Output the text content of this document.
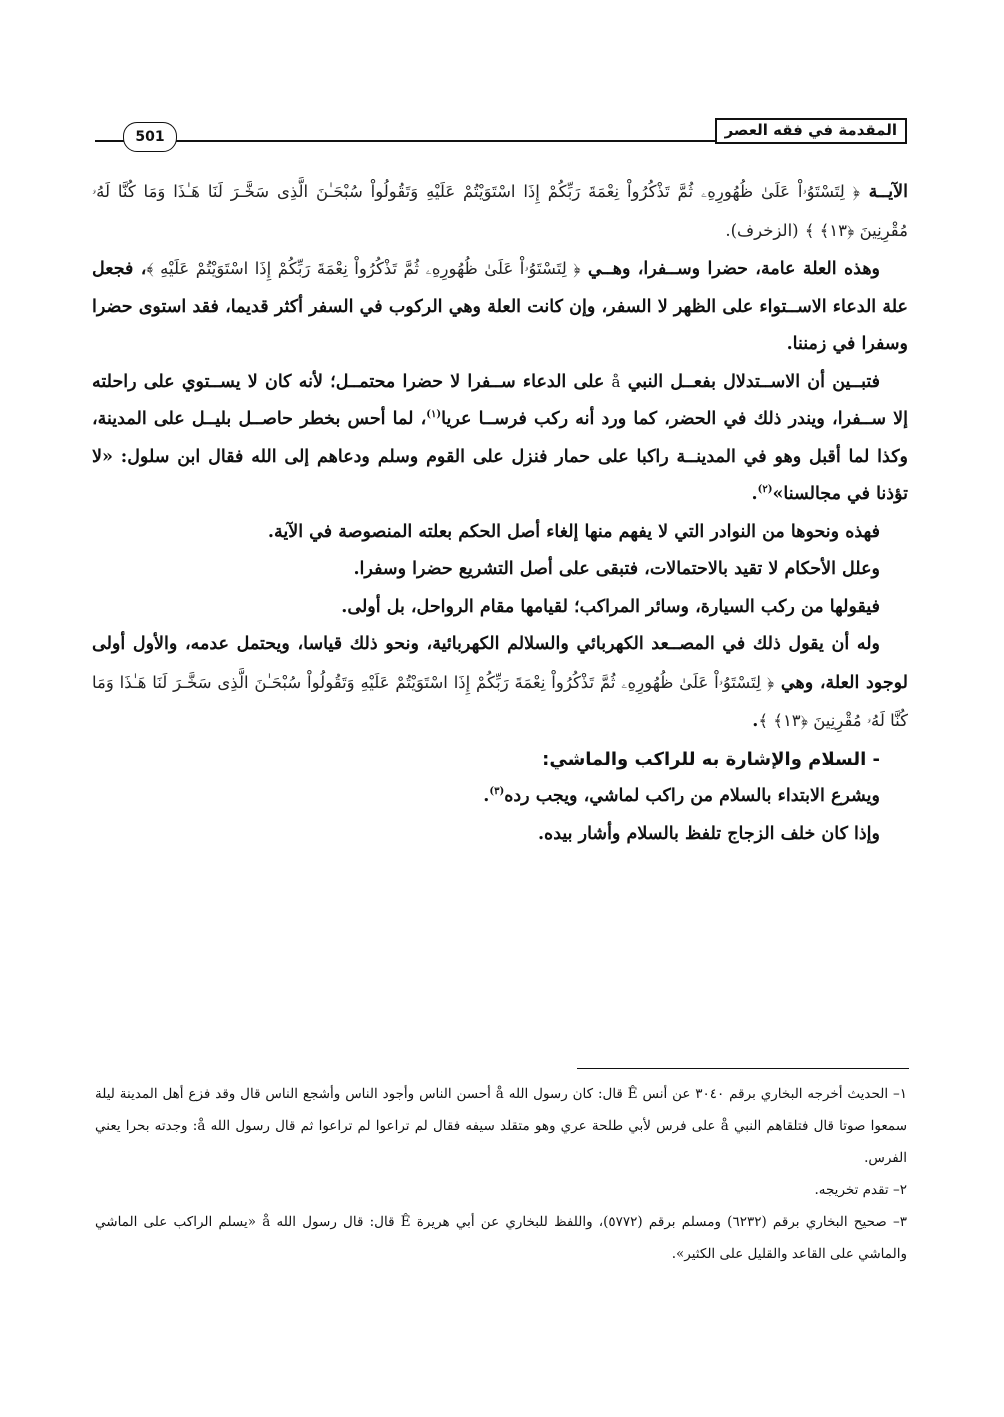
المقدمة في فقه العصر
501

الآيــة ﴿ لِتَسْتَوُۥاْ عَلَىٰ ظُهُورِهِۦ ثُمَّ تَذْكُرُواْ نِعْمَةَ رَبِّكُمْ إِذَا اسْتَوَيْتُمْ عَلَيْهِ وَتَقُولُواْ سُبْحَـٰنَ الَّذِى سَخَّـرَ لَنَا هَـٰذَا وَمَا كُنَّا لَهُۥ مُقْرِنِينَ ﴿١٣﴾ ﴾ (الزخرف).

وهذه العلة عامة، حضرا وســفرا، وهــي ﴿ لِتَسْتَوُۥاْ عَلَىٰ ظُهُورِهِۦ ثُمَّ تَذْكُرُواْ نِعْمَةَ رَبِّكُمْ إِذَا اسْتَوَيْتُمْ عَلَيْهِ ﴾، فجعل علة الدعاء الاســتواء على الظهر لا السفر، وإن كانت العلة وهي الركوب في السفر أكثر قديما، فقد استوى حضرا وسفرا في زمننا.

فتبــين أن الاســتدلال بفعــل النبي å على الدعاء ســفرا لا حضرا محتمــل؛ لأنه كان لا يســتوي على راحلته إلا ســفرا، ويندر ذلك في الحضر، كما ورد أنه ركب فرســا عريا$^{(١)}$، لما أحس بخطر حاصــل بليــل على المدينة، وكذا لما أقبل وهو في المدينــة راكبا على حمار فنزل على القوم وسلم ودعاهم إلى الله فقال ابن سلول: «لا تؤذنا في مجالسنا»$^{(٢)}$.

فهذه ونحوها من النوادر التي لا يفهم منها إلغاء أصل الحكم بعلته المنصوصة في الآية.

وعلل الأحكام لا تقيد بالاحتمالات، فتبقى على أصل التشريع حضرا وسفرا.

فيقولها من ركب السيارة، وسائر المراكب؛ لقيامها مقام الرواحل، بل أولى.

وله أن يقول ذلك في المصــعد الكهربائي والسلالم الكهربائية، ونحو ذلك قياسا، ويحتمل عدمه، والأول أولى لوجود العلة، وهي ﴿ لِتَسْتَوُۥاْ عَلَىٰ ظُهُورِهِۦ ثُمَّ تَذْكُرُواْ نِعْمَةَ رَبِّكُمْ إِذَا اسْتَوَيْتُمْ عَلَيْهِ وَتَقُولُواْ سُبْحَـٰنَ الَّذِى سَخَّـرَ لَنَا هَـٰذَا وَمَا كُنَّا لَهُۥ مُقْرِنِينَ ﴿١٣﴾ ﴾.

- السلام والإشارة به للراكب والماشي:

ويشرع الابتداء بالسلام من راكب لماشي، ويجب رده$^{(٣)}$.

وإذا كان خلف الزجاج تلفظ بالسلام وأشار بيده.

١– الحديث أخرجه البخاري برقم ٣٠٤٠ عن أنس Ê قال: كان رسول الله å أحسن الناس وأجود الناس وأشجع الناس قال وقد فزع أهل المدينة ليلة سمعوا صوتا قال فتلقاهم النبي å على فرس لأبي طلحة عري وهو متقلد سيفه فقال لم تراعوا لم تراعوا ثم قال رسول الله å: وجدته بحرا يعني الفرس.

٢– تقدم تخريجه.

٣– صحيح البخاري برقم (٦٢٣٢) ومسلم برقم (٥٧٧٢)، واللفظ للبخاري عن أبي هريرة Ê قال: قال رسول الله å «يسلم الراكب على الماشي والماشي على القاعد والقليل على الكثير».
